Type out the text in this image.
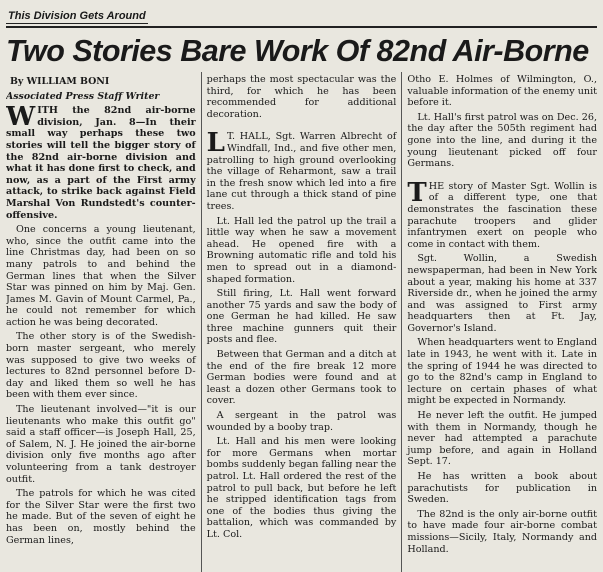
This Division Gets Around
Two Stories Bare Work Of 82nd Air-Borne

By WILLIAM BONI

Associated Press Staff Writer

WITH the 82nd air-borne division, Jan. 8—In their small way perhaps these two stories will tell the bigger story of the 82nd air-borne division and what it has done first to check, and now, as a part of the First army attack, to strike back against Field Marshal Von Rundstedt's counter-offensive.

One concerns a young lieutenant, who, since the outfit came into the line Christmas day, had been on so many patrols to and behind the German lines that when the Silver Star was pinned on him by Maj. Gen. James M. Gavin of Mount Carmel, Pa., he could not remember for which action he was being decorated.

The other story is of the Swedish-born master sergeant, who merely was supposed to give two weeks of lectures to 82nd personnel before D-day and liked them so well he has been with them ever since.

The lieutenant involved—"it is our lieutenants who make this outfit go" said a staff officer—is Joseph Hall, 25, of Salem, N. J. He joined the air-borne division only five months ago after volunteering from a tank destroyer outfit.

The patrols for which he was cited for the Silver Star were the first two he made. But of the seven of eight he has been on, mostly behind the German lines,

perhaps the most spectacular was the third, for which he has been recommended for additional decoration.

L T. HALL, Sgt. Warren Albrecht of Windfall, Ind., and five other men, patrolling to high ground overlooking the village of Reharmont, saw a trail in the fresh snow which led into a fire lane cut through a thick stand of pine trees.

Lt. Hall led the patrol up the trail a little way when he saw a movement ahead. He opened fire with a Browning automatic rifle and told his men to spread out in a diamond-shaped formation.

Still firing, Lt. Hall went forward another 75 yards and saw the body of one German he had killed. He saw three machine gunners quit their posts and flee.

Between that German and a ditch at the end of the fire break 12 more German bodies were found and at least a dozen other Germans took to cover.

A sergeant in the patrol was wounded by a booby trap.

Lt. Hall and his men were looking for more Germans when mortar bombs suddenly began falling near the patrol. Lt. Hall ordered the rest of the patrol to pull back, but before he left he stripped identification tags from one of the bodies thus giving the battalion, which was commanded by Lt. Col.

Otho E. Holmes of Wilmington, O., valuable information of the enemy unit before it.

Lt. Hall's first patrol was on Dec. 26, the day after the 505th regiment had gone into the line, and during it the young lieutenant picked off four Germans.

THE story of Master Sgt. Wollin is of a different type, one that demonstrates the fascination these parachute troopers and glider infantrymen exert on people who come in contact with them.

Sgt. Wollin, a Swedish newspaperman, had been in New York about a year, making his home at 337 Riverside dr., when he joined the army and was assigned to First army headquarters then at Ft. Jay, Governor's Island.

When headquarters went to England late in 1943, he went with it. Late in the spring of 1944 he was directed to go to the 82nd's camp in England to lecture on certain phases of what might be expected in Normandy.

He never left the outfit. He jumped with them in Normandy, though he never had attempted a parachute jump before, and again in Holland Sept. 17.

He has written a book about parachutists for publication in Sweden.

The 82nd is the only air-borne outfit to have made four air-borne combat missions—Sicily, Italy, Normandy and Holland.
